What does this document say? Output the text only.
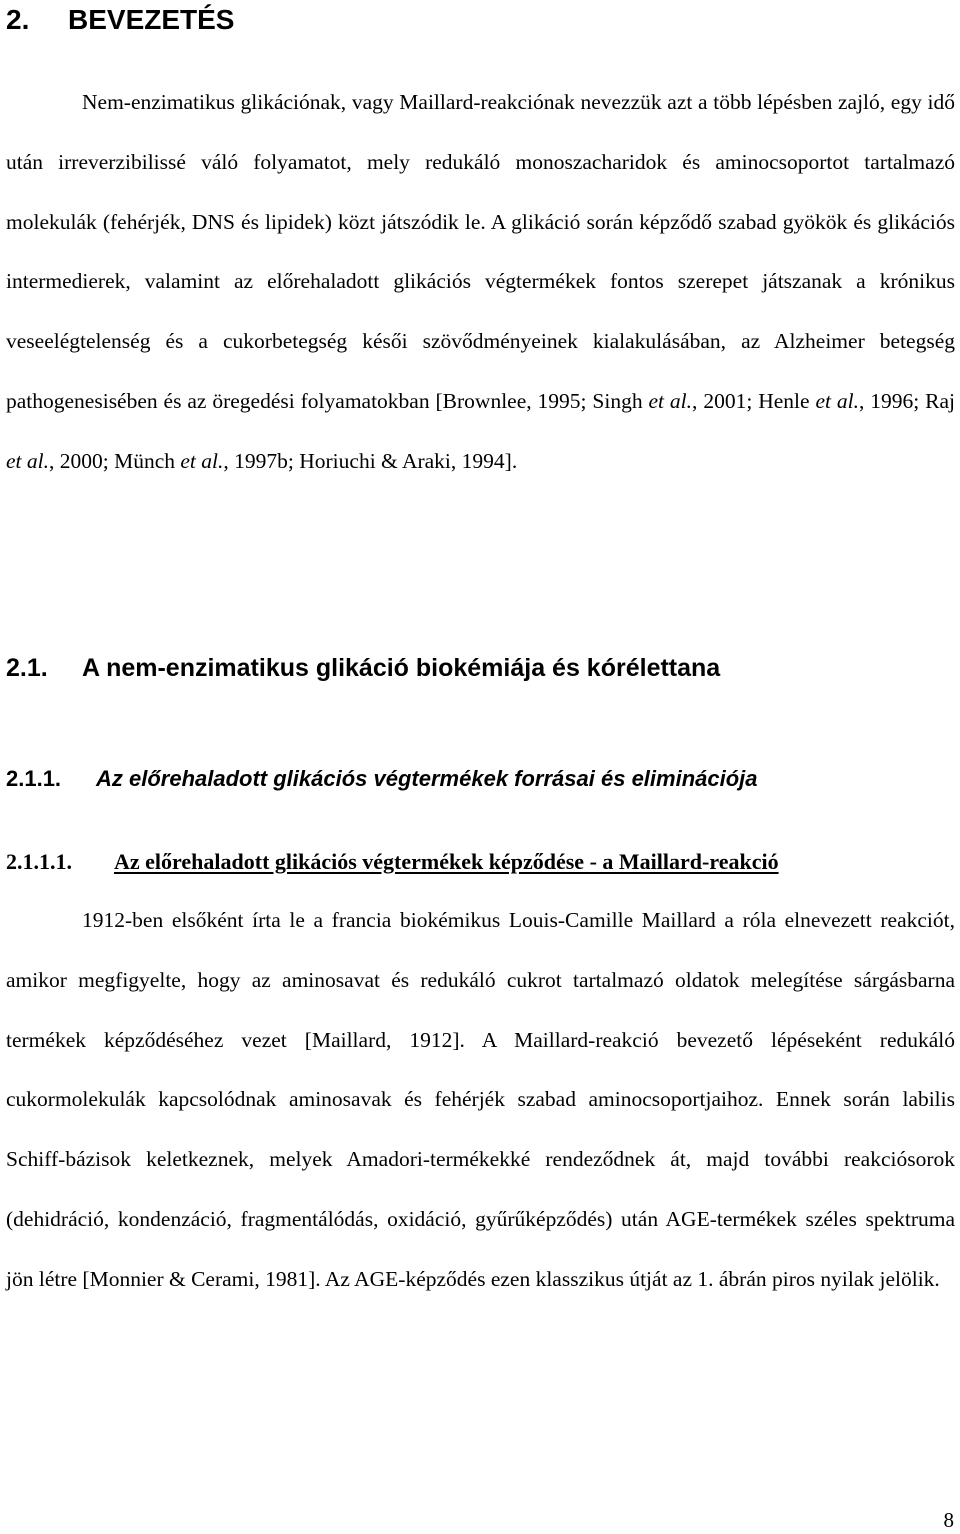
2. BEVEZETÉS

Nem-enzimatikus glikációnak, vagy Maillard-reakciónak nevezzük azt a több lépésben zajló, egy idő után irreverzibilissé váló folyamatot, mely redukáló monoszacharidok és aminocsoportot tartalmazó molekulák (fehérjék, DNS és lipidek) közt játszódik le. A glikáció során képződő szabad gyökök és glikációs intermedierek, valamint az előrehaladott glikációs végtermékek fontos szerepet játszanak a krónikus veseelégtelenség és a cukorbetegség késői szövődményeinek kialakulásában, az Alzheimer betegség pathogenesisében és az öregedési folyamatokban [Brownlee, 1995; Singh et al., 2001; Henle et al., 1996; Raj et al., 2000; Münch et al., 1997b; Horiuchi & Araki, 1994].

2.1. A nem-enzimatikus glikáció biokémiája és kórélettana
2.1.1. Az előrehaladott glikációs végtermékek forrásai és eliminációja
2.1.1.1. Az előrehaladott glikációs végtermékek képződése - a Maillard-reakció

1912-ben elsőként írta le a francia biokémikus Louis-Camille Maillard a róla elnevezett reakciót, amikor megfigyelte, hogy az aminosavat és redukáló cukrot tartalmazó oldatok melegítése sárgásbarna termékek képződéséhez vezet [Maillard, 1912]. A Maillard-reakció bevezető lépéseként redukáló cukormolekulák kapcsolódnak aminosavak és fehérjék szabad aminocsoportjaihoz. Ennek során labilis Schiff-bázisok keletkeznek, melyek Amadori-termékekké rendeződnek át, majd további reakciósorok (dehidráció, kondenzáció, fragmentálódás, oxidáció, gyűrűképződés) után AGE-termékek széles spektruma jön létre [Monnier & Cerami, 1981]. Az AGE-képződés ezen klasszikus útját az 1. ábrán piros nyilak jelölik.

8
